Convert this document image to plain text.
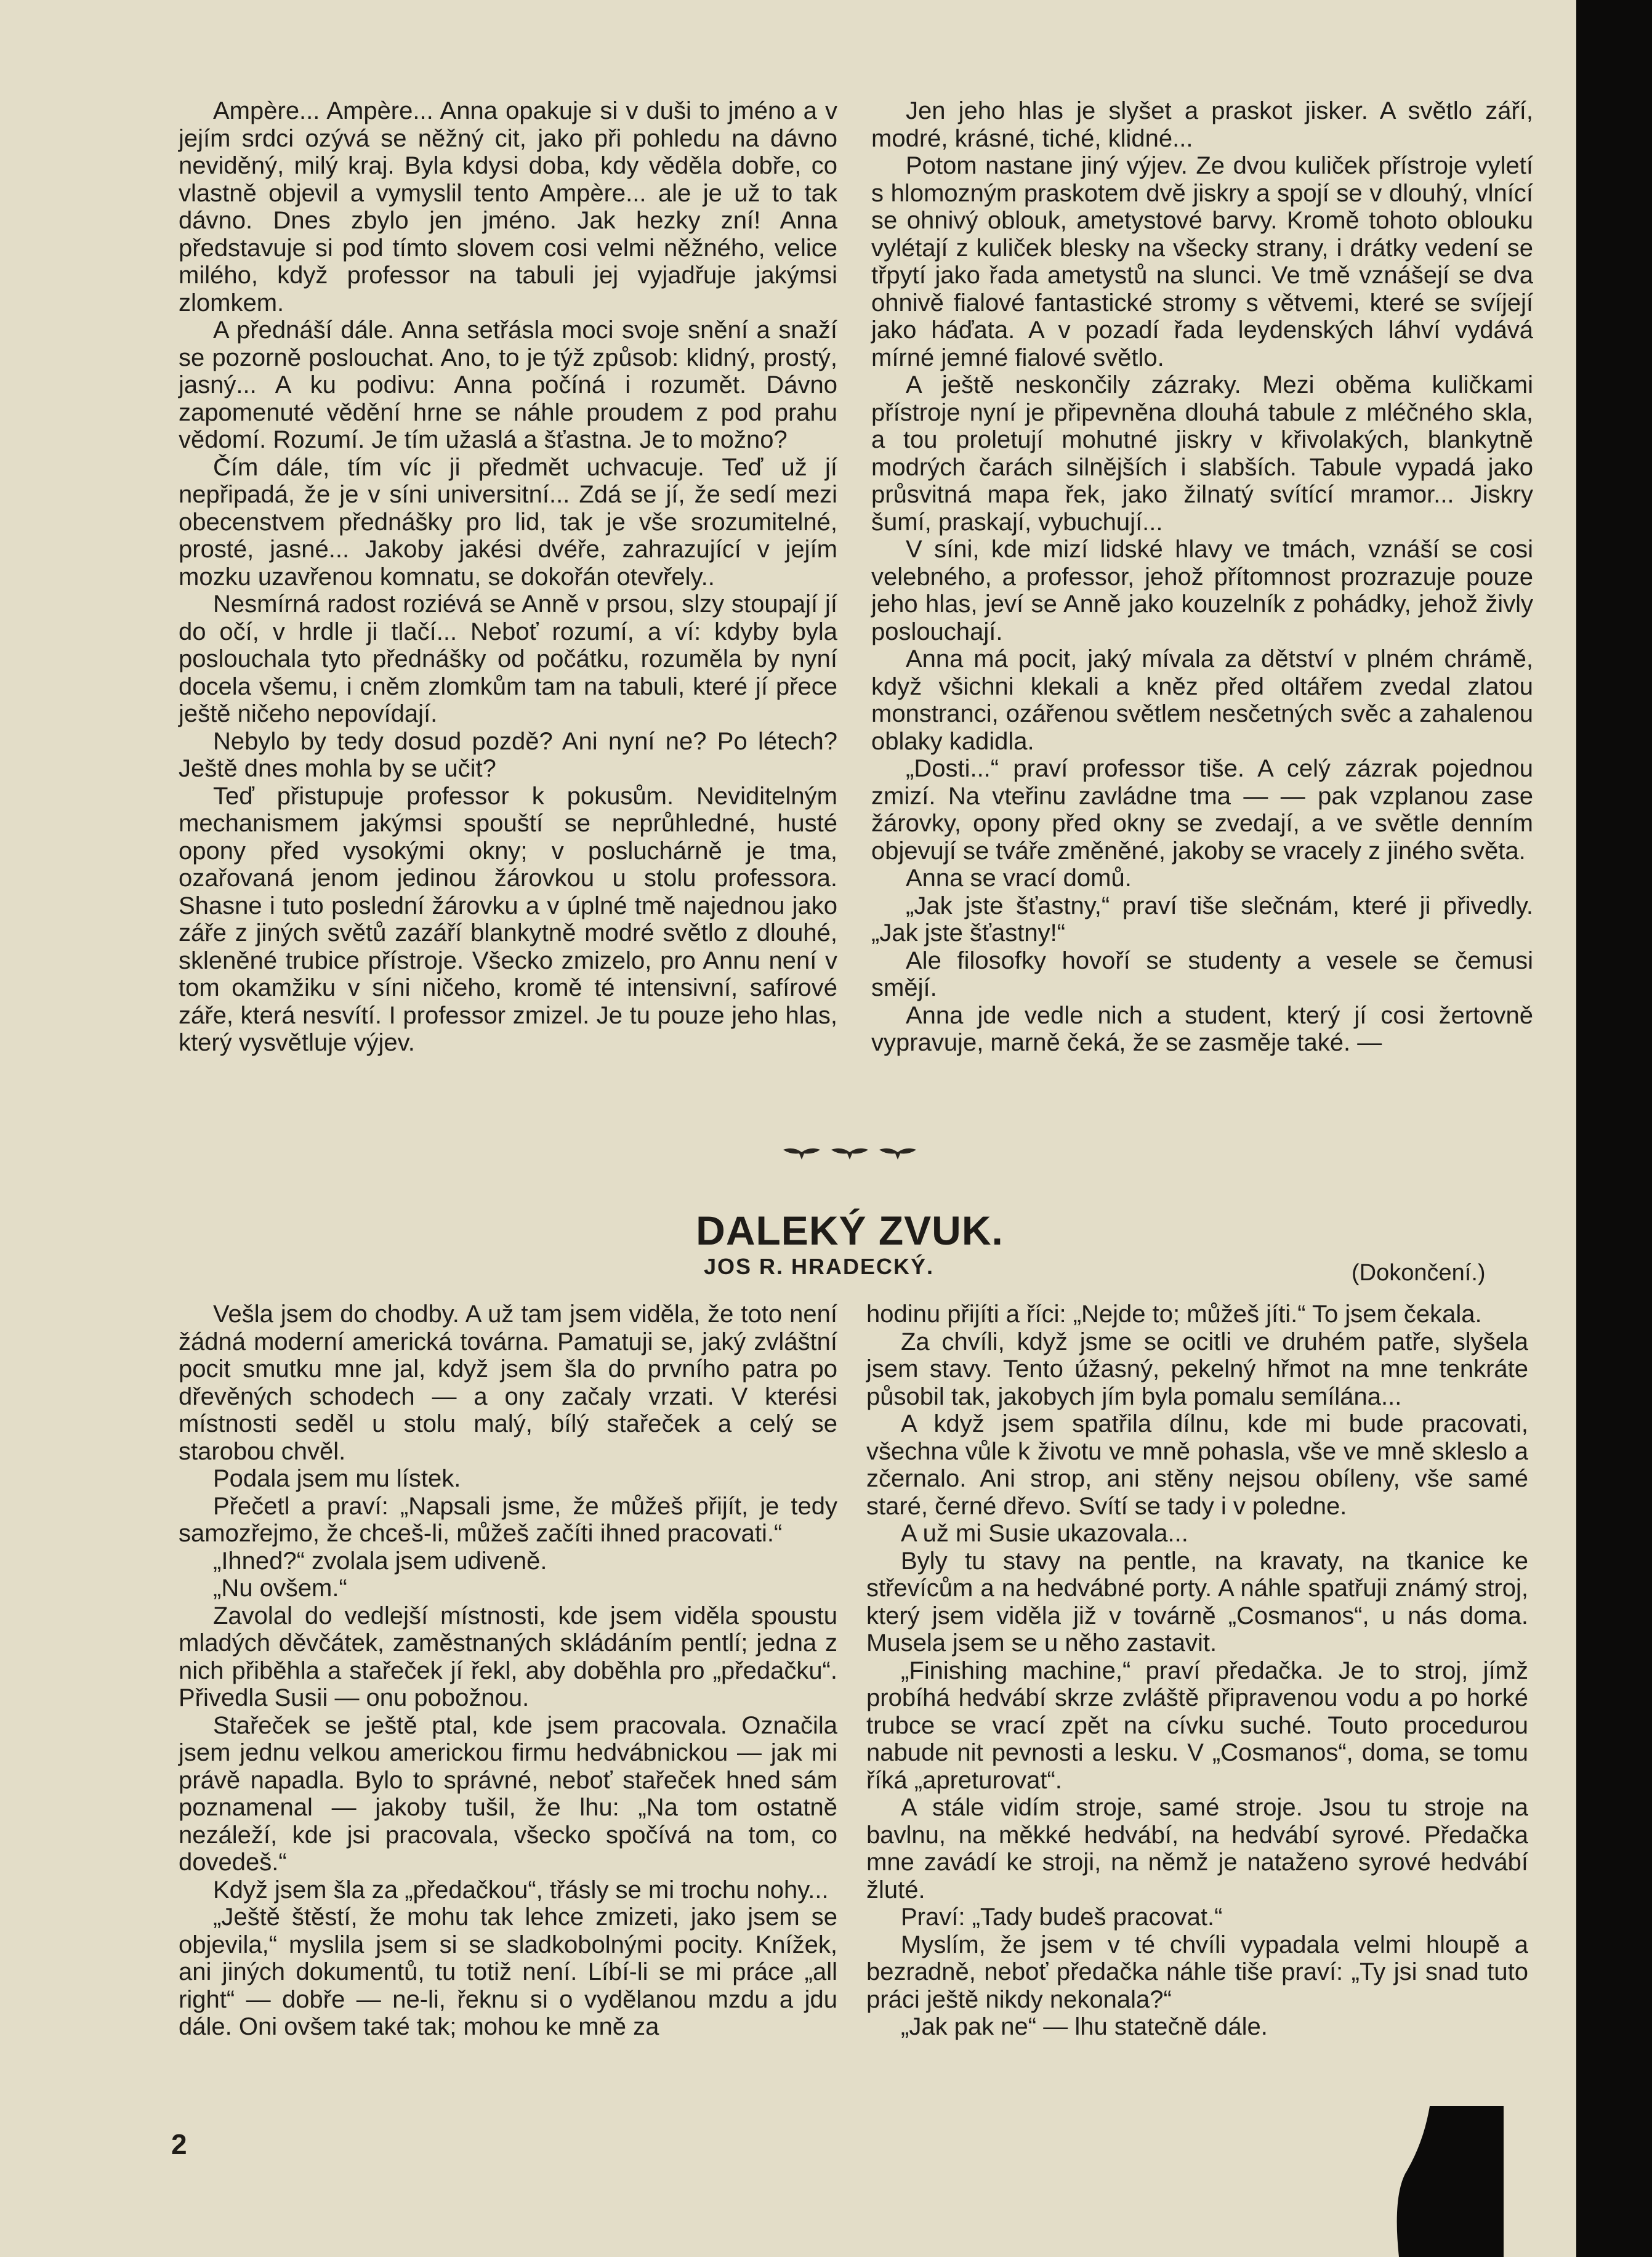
Ampère... Ampère... Anna opakuje si v duši to jméno a v jejím srdci ozývá se něžný cit, jako při pohledu na dávno neviděný, milý kraj. Byla kdysi doba, kdy věděla dobře, co vlastně objevil a vymyslil tento Ampère... ale je už to tak dávno. Dnes zbylo jen jméno. Jak hezky zní! Anna představuje si pod tímto slovem cosi velmi něžného, velice milého, když professor na tabuli jej vyjadřuje jakýmsi zlomkem.

A přednáší dále. Anna setřásla moci svoje snění a snaží se pozorně poslouchat. Ano, to je týž způsob: klidný, prostý, jasný... A ku podivu: Anna počíná i rozumět. Dávno zapomenuté vědění hrne se náhle proudem z pod prahu vědomí. Rozumí. Je tím užaslá a šťastna. Je to možno?

Čím dále, tím víc ji předmět uchvacuje. Teď už jí nepřipadá, že je v síni universitní... Zdá se jí, že sedí mezi obecenstvem přednášky pro lid, tak je vše srozumitelné, prosté, jasné... Jakoby jakési dvéře, zahrazující v jejím mozku uzavřenou komnatu, se dokořán otevřely..

Nesmírná radost roziévá se Anně v prsou, slzy stoupají jí do očí, v hrdle ji tlačí... Neboť rozumí, a ví: kdyby byla poslouchala tyto přednášky od počátku, rozuměla by nyní docela všemu, i cněm zlomkům tam na tabuli, které jí přece ještě ničeho nepovídají.

Nebylo by tedy dosud pozdě? Ani nyní ne? Po létech? Ještě dnes mohla by se učit?

Teď přistupuje professor k pokusům. Neviditelným mechanismem jakýmsi spouští se neprůhledné, husté opony před vysokými okny; v posluchárně je tma, ozařovaná jenom jedinou žárovkou u stolu professora. Shasne i tuto poslední žárovku a v úplné tmě najednou jako záře z jiných světů zazáří blankytně modré světlo z dlouhé, skleněné trubice přístroje. Všecko zmizelo, pro Annu není v tom okamžiku v síni ničeho, kromě té intensivní, safírové záře, která nesvítí. I professor zmizel. Je tu pouze jeho hlas, který vysvětluje výjev.

Jen jeho hlas je slyšet a praskot jisker. A světlo září, modré, krásné, tiché, klidné...

Potom nastane jiný výjev. Ze dvou kuliček přístroje vyletí s hlomozným praskotem dvě jiskry a spojí se v dlouhý, vlnící se ohnivý oblouk, ametystové barvy. Kromě tohoto oblouku vylétají z kuliček blesky na všecky strany, i drátky vedení se třpytí jako řada ametystů na slunci. Ve tmě vznášejí se dva ohnivě fialové fantastické stromy s větvemi, které se svíjejí jako háďata. A v pozadí řada leydenských láhví vydává mírné jemné fialové světlo.

A ještě neskončily zázraky. Mezi oběma kuličkami přístroje nyní je připevněna dlouhá tabule z mléčného skla, a tou proletují mohutné jiskry v křivolakých, blankytně modrých čarách silnějších i slabších. Tabule vypadá jako průsvitná mapa řek, jako žilnatý svítící mramor... Jiskry šumí, praskají, vybuchují...

V síni, kde mizí lidské hlavy ve tmách, vznáší se cosi velebného, a professor, jehož přítomnost prozrazuje pouze jeho hlas, jeví se Anně jako kouzelník z pohádky, jehož živly poslouchají.

Anna má pocit, jaký mívala za dětství v plném chrámě, když všichni klekali a kněz před oltářem zvedal zlatou monstranci, ozářenou světlem nesčetných svěc a zahalenou oblaky kadidla.

„Dosti...“ praví professor tiše. A celý zázrak pojednou zmizí. Na vteřinu zavládne tma — — pak vzplanou zase žárovky, opony před okny se zvedají, a ve světle denním objevují se tváře změněné, jakoby se vracely z jiného světa.

Anna se vrací domů.

„Jak jste šťastny,“ praví tiše slečnám, které ji přivedly. „Jak jste šťastny!“

Ale filosofky hovoří se studenty a vesele se čemusi smějí.

Anna jde vedle nich a student, který jí cosi žertovně vypravuje, marně čeká, že se zasměje také. —

DALEKÝ ZVUK.
JOS R. HRADECKÝ.	(Dokončení.)

Vešla jsem do chodby. A už tam jsem viděla, že toto není žádná moderní americká továrna. Pamatuji se, jaký zvláštní pocit smutku mne jal, když jsem šla do prvního patra po dřevěných schodech — a ony začaly vrzati. V kterési místnosti seděl u stolu malý, bílý stařeček a celý se starobou chvěl.

Podala jsem mu lístek.

Přečetl a praví: „Napsali jsme, že můžeš přijít, je tedy samozřejmo, že chceš-li, můžeš začíti ihned pracovati.“

„Ihned?“ zvolala jsem udiveně.

„Nu ovšem.“

Zavolal do vedlejší místnosti, kde jsem viděla spoustu mladých děvčátek, zaměstnaných skládáním pentlí; jedna z nich přiběhla a stařeček jí řekl, aby doběhla pro „předačku“. Přivedla Susii — onu pobožnou.

Stařeček se ještě ptal, kde jsem pracovala. Označila jsem jednu velkou americkou firmu hedvábnickou — jak mi právě napadla. Bylo to správné, neboť stařeček hned sám poznamenal — jakoby tušil, že lhu: „Na tom ostatně nezáleží, kde jsi pracovala, všecko spočívá na tom, co dovedeš.“

Když jsem šla za „předačkou“, třásly se mi trochu nohy...

„Ještě štěstí, že mohu tak lehce zmizeti, jako jsem se objevila,“ myslila jsem si se sladkobolnými pocity. Knížek, ani jiných dokumentů, tu totiž není. Líbí-li se mi práce „all right“ — dobře — ne-li, řeknu si o vydělanou mzdu a jdu dále. Oni ovšem také tak; mohou ke mně za

hodinu přijíti a říci: „Nejde to; můžeš jíti.“ To jsem čekala.

Za chvíli, když jsme se ocitli ve druhém patře, slyšela jsem stavy. Tento úžasný, pekelný hřmot na mne tenkráte působil tak, jakobych jím byla pomalu semílána...

A když jsem spatřila dílnu, kde mi bude pracovati, všechna vůle k životu ve mně pohasla, vše ve mně skleslo a zčernalo. Ani strop, ani stěny nejsou obíleny, vše samé staré, černé dřevo. Svítí se tady i v poledne.

A už mi Susie ukazovala...

Byly tu stavy na pentle, na kravaty, na tkanice ke střevícům a na hedvábné porty. A náhle spatřuji známý stroj, který jsem viděla již v továrně „Cosmanos“, u nás doma. Musela jsem se u něho zastavit.

„Finishing machine,“ praví předačka. Je to stroj, jímž probíhá hedvábí skrze zvláště připravenou vodu a po horké trubce se vrací zpět na cívku suché. Touto procedurou nabude nit pevnosti a lesku. V „Cosmanos“, doma, se tomu říká „apreturovat“.

A stále vidím stroje, samé stroje. Jsou tu stroje na bavlnu, na měkké hedvábí, na hedvábí syrové. Předačka mne zavádí ke stroji, na němž je nataženo syrové hedvábí žluté.

Praví: „Tady budeš pracovat.“

Myslím, že jsem v té chvíli vypadala velmi hloupě a bezradně, neboť předačka náhle tiše praví: „Ty jsi snad tuto práci ještě nikdy nekonala?“

„Jak pak ne“ — lhu statečně dále.

2
